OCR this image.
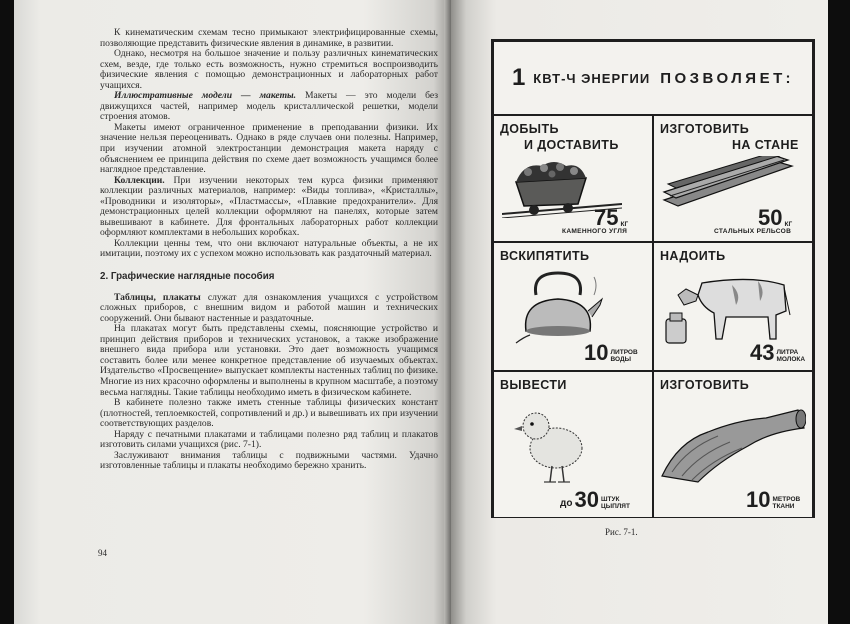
К кинематическим схемам тесно примыкают электрифицированные схемы, позволяющие представить физические явления в динамике, в развитии.

Однако, несмотря на большое значение и пользу различных кинематических схем, везде, где только есть возможность, нужно стремиться воспроизводить физические явления с помощью демонстрационных и лабораторных работ учащихся.

Иллюстративные модели — макеты. Макеты — это модели без движущихся частей, например модель кристаллической решетки, модели строения атомов.

Макеты имеют ограниченное применение в преподавании физики. Их значение нельзя переоценивать. Однако в ряде случаев они полезны. Например, при изучении атомной электростанции демонстрация макета наряду с объяснением ее принципа действия по схеме дает возможность учащимся более наглядное представление.

Коллекции. При изучении некоторых тем курса физики применяют коллекции различных материалов, например: «Виды топлива», «Кристаллы», «Проводники и изоляторы», «Пластмассы», «Плавкие предохранители». Для демонстрационных целей коллекции оформляют на панелях, которые затем вывешивают в кабинете. Для фронтальных лабораторных работ коллекции оформляют комплектами в небольших коробках.

Коллекции ценны тем, что они включают натуральные объекты, а не их имитации, поэтому их с успехом можно использовать как раздаточный материал.

2. Графические наглядные пособия

Таблицы, плакаты служат для ознакомления учащихся с устройством сложных приборов, с внешним видом и работой машин и технических сооружений. Они бывают настенные и раздаточные.

На плакатах могут быть представлены схемы, поясняющие устройство и принцип действия приборов и технических установок, а также изображение внешнего вида прибора или установки. Это дает возможность учащимся составить более или менее конкретное представление об изучаемых объектах. Издательство «Просвещение» выпускает комплекты настенных таблиц по физике. Многие из них красочно оформлены и выполнены в крупном масштабе, а поэтому весьма наглядны. Такие таблицы необходимо иметь в физическом кабинете.

В кабинете полезно также иметь стенные таблицы физических констант (плотностей, теплоемкостей, сопротивлений и др.) и вывешивать их при изучении соответствующих разделов.

Наряду с печатными плакатами и таблицами полезно ряд таблиц и плакатов изготовить силами учащихся (рис. 7-1).

Заслуживают внимания таблицы с подвижными частями. Удачно изготовленные таблицы и плакаты необходимо бережно хранить.

94
1 КВТ-Ч ЭНЕРГИИ ПОЗВОЛЯЕТ:
ДОБЫТЬ
И ДОСТАВИТЬ
75 КГ
КАМЕННОГО УГЛЯ
ИЗГОТОВИТЬ
НА СТАНЕ
50 КГ
СТАЛЬНЫХ РЕЛЬСОВ
ВСКИПЯТИТЬ
10 ЛИТРОВ
ВОДЫ
НАДОИТЬ
43 ЛИТРА
МОЛОКА
ВЫВЕСТИ
до 30 ШТУК
ЦЫПЛЯТ
ИЗГОТОВИТЬ
10 МЕТРОВ
ТКАНИ
Рис. 7-1.
